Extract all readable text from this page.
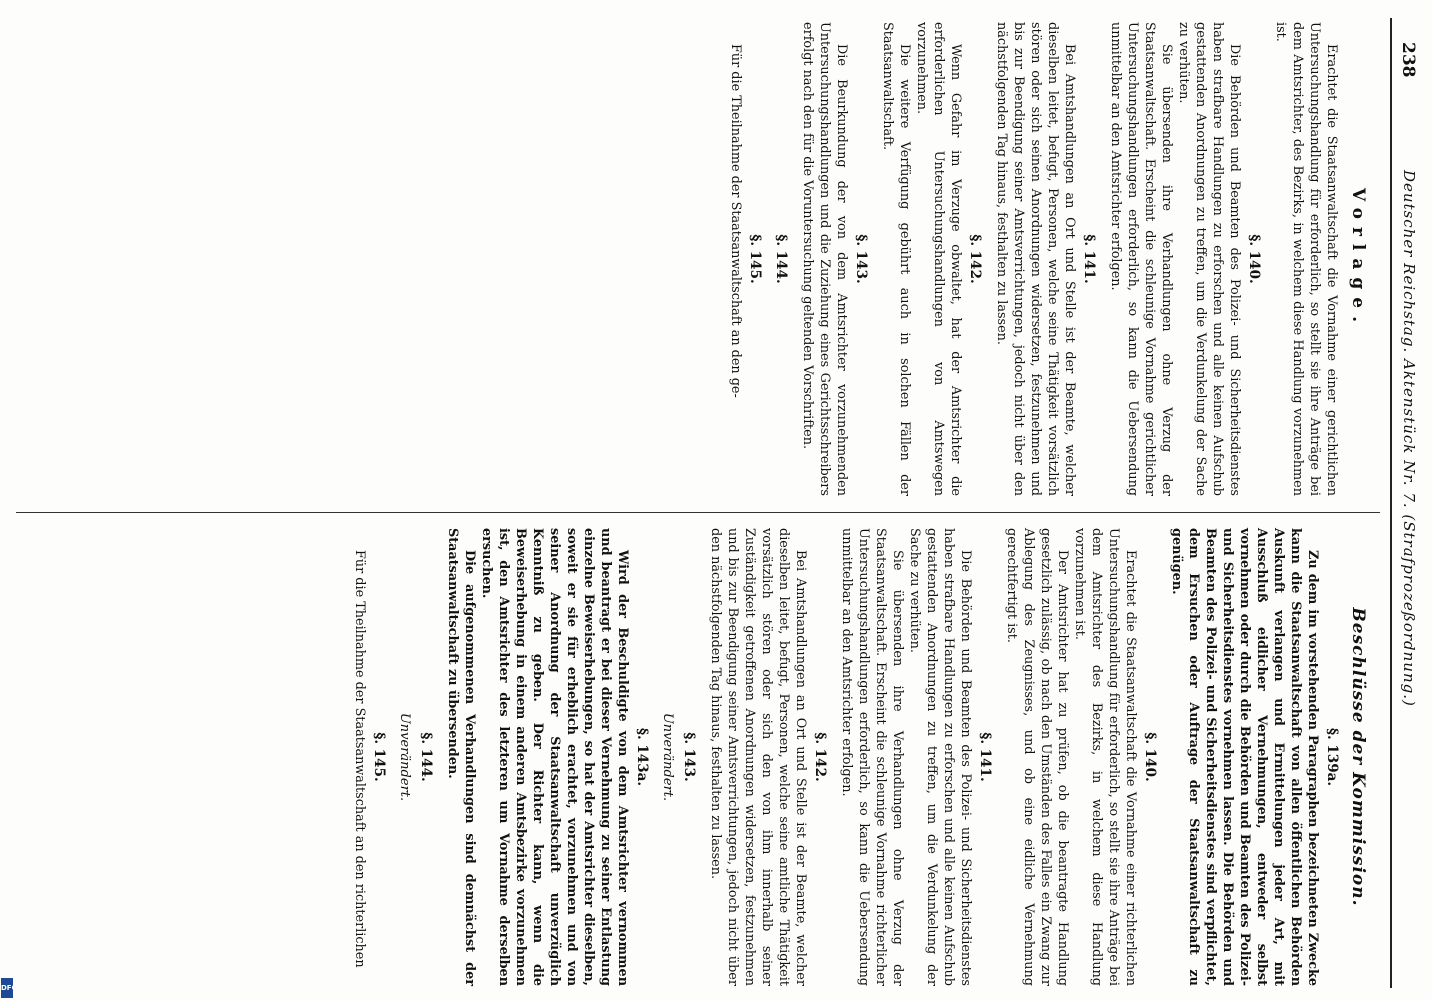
DFG
238
Deutscher Reichstag. Aktenstück Nr. 7. (Strafprozeßordnung.)
Vorlage.

Erachtet die Staatsanwaltschaft die Vornahme einer gerichtlichen Untersuchungshandlung für erforderlich, so stellt sie ihre Anträge bei dem Amtsrichter, des Bezirks, in welchem diese Handlung vorzunehmen ist.

§. 140.

Die Behörden und Beamten des Polizei- und Sicherheitsdienstes haben strafbare Handlungen zu erforschen und alle keinen Aufschub gestattenden Anordnungen zu treffen, um die Verdunkelung der Sache zu verhüten.

Sie übersenden ihre Verhandlungen ohne Verzug der Staatsanwaltschaft. Erscheint die schleunige Vornahme gerichtlicher Untersuchungshandlungen erforderlich, so kann die Uebersendung unmittelbar an den Amtsrichter erfolgen.

§. 141.

Bei Amtshandlungen an Ort und Stelle ist der Beamte, welcher dieselben leitet, befugt, Personen, welche seine Thätigkeit vorsätzlich stören oder sich seinen Anordnungen widersetzen, festzunehmen und bis zur Beendigung seiner Amtsverrichtungen, jedoch nicht über den nächstfolgenden Tag hinaus, festhalten zu lassen.

§. 142.

Wenn Gefahr im Verzuge obwaltet, hat der Amtsrichter die erforderlichen Untersuchungshandlungen von Amtswegen vorzunehmen.

Die weitere Verfügung gebührt auch in solchen Fällen der Staatsanwaltschaft.

§. 143.

Die Beurkundung der von dem Amtsrichter vorzunehmenden Untersuchungshandlungen und die Zuziehung eines Gerichtsschreibers erfolgt nach den für die Voruntersuchung geltenden Vorschriften.

§. 144.
§. 145.

Für die Theilnahme der Staatsanwaltschaft an den ge-

Beschlüsse der Kommission.
§. 139a.

Zu dem im vorstehenden Paragraphen bezeichneten Zwecke kann die Staatsanwaltschaft von allen öffentlichen Behörden Auskunft verlangen und Ermittelungen jeder Art, mit Ausschluß eidlicher Vernehmungen, entweder selbst vornehmen oder durch die Behörden und Beamten des Polizei- und Sicherheitsdienstes vornehmen lassen. Die Behörden und Beamten des Polizei- und Sicherheitsdienstes sind verpflichtet, dem Ersuchen oder Auftrage der Staatsanwaltschaft zu genügen.

§. 140.

Erachtet die Staatsanwaltschaft die Vornahme einer richterlichen Untersuchungshandlung für erforderlich, so stellt sie ihre Anträge bei dem Amtsrichter des Bezirks, in welchem diese Handlung vorzunehmen ist.

Der Amtsrichter hat zu prüfen, ob die beantragte Handlung gesetzlich zulässig, ob nach den Umständen des Falles ein Zwang zur Ablegung des Zeugnisses, und ob eine eidliche Vernehmung gerechtfertigt ist.

§. 141.

Die Behörden und Beamten des Polizei- und Sicherheitsdienstes haben strafbare Handlungen zu erforschen und alle keinen Aufschub gestattenden Anordnungen zu treffen, um die Verdunkelung der Sache zu verhüten.

Sie übersenden ihre Verhandlungen ohne Verzug der Staatsanwaltschaft. Erscheint die schleunige Vornahme richterlicher Untersuchungshandlungen erforderlich, so kann die Uebersendung unmittelbar an den Amtsrichter erfolgen.

§. 142.

Bei Amtshandlungen an Ort und Stelle ist der Beamte, welcher dieselben leitet, befugt, Personen, welche seine amtliche Thätigkeit vorsätzlich stören oder sich den von ihm innerhalb seiner Zuständigkeit getroffenen Anordnungen widersetzen, festzunehmen und bis zur Beendigung seiner Amtsverrichtungen, jedoch nicht über den nächstfolgenden Tag hinaus, festhalten zu lassen.

§. 143.
Unverändert.
§. 143a.

Wird der Beschuldigte von dem Amtsrichter vernommen und beantragt er bei dieser Vernehmung zu seiner Entlastung einzelne Beweiserhebungen, so hat der Amtsrichter dieselben, soweit er sie für erheblich erachtet, vorzunehmen und von seiner Anordnung der Staatsanwaltschaft unverzüglich Kenntniß zu geben. Der Richter kann, wenn die Beweiserhebung in einem anderen Amtsbezirke vorzunehmen ist, den Amtsrichter des letzteren um Vornahme derselben ersuchen.

Die aufgenommenen Verhandlungen sind demnächst der Staatsanwaltschaft zu übersenden.

§. 144.
Unverändert.
§. 145.

Für die Theilnahme der Staatsanwaltschaft an den richterlichen
